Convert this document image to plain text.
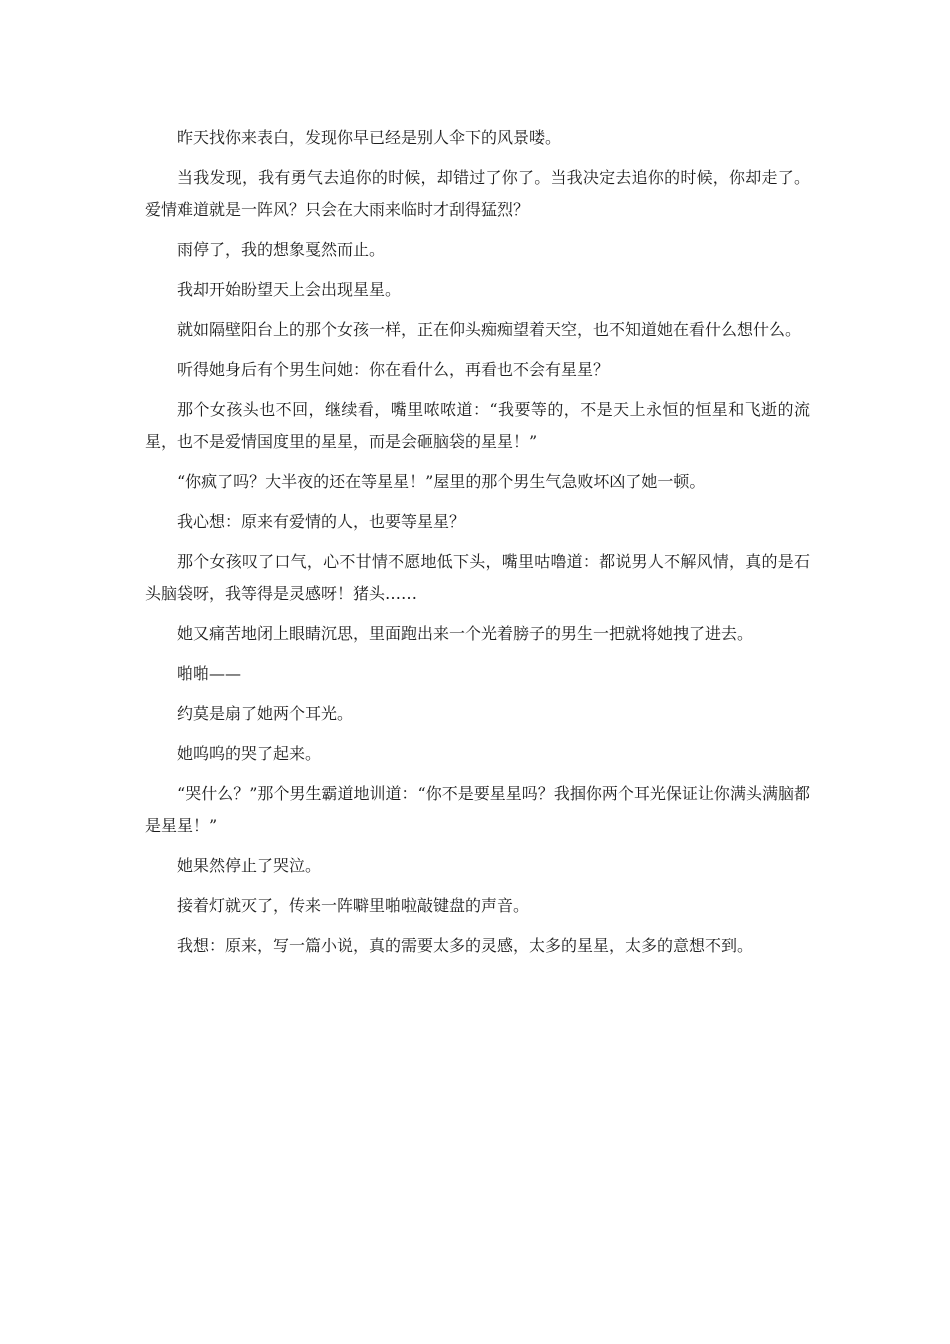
昨天找你来表白，发现你早已经是别人伞下的风景喽。

当我发现，我有勇气去追你的时候，却错过了你了。当我决定去追你的时候，你却走了。爱情难道就是一阵风？只会在大雨来临时才刮得猛烈？

雨停了，我的想象戛然而止。

我却开始盼望天上会出现星星。

就如隔壁阳台上的那个女孩一样，正在仰头痴痴望着天空，也不知道她在看什么想什么。

听得她身后有个男生问她：你在看什么，再看也不会有星星？

那个女孩头也不回，继续看，嘴里哝哝道：“我要等的，不是天上永恒的恒星和飞逝的流星，也不是爱情国度里的星星，而是会砸脑袋的星星！”

“你疯了吗？大半夜的还在等星星！”屋里的那个男生气急败坏凶了她一顿。

我心想：原来有爱情的人，也要等星星？

那个女孩叹了口气，心不甘情不愿地低下头，嘴里咕噜道：都说男人不解风情，真的是石头脑袋呀，我等得是灵感呀！猪头……

她又痛苦地闭上眼睛沉思，里面跑出来一个光着膀子的男生一把就将她拽了进去。

啪啪——

约莫是扇了她两个耳光。

她呜呜的哭了起来。

“哭什么？”那个男生霸道地训道：“你不是要星星吗？我掴你两个耳光保证让你满头满脑都是星星！”

她果然停止了哭泣。

接着灯就灭了，传来一阵噼里啪啦敲键盘的声音。

我想：原来，写一篇小说，真的需要太多的灵感，太多的星星，太多的意想不到。
